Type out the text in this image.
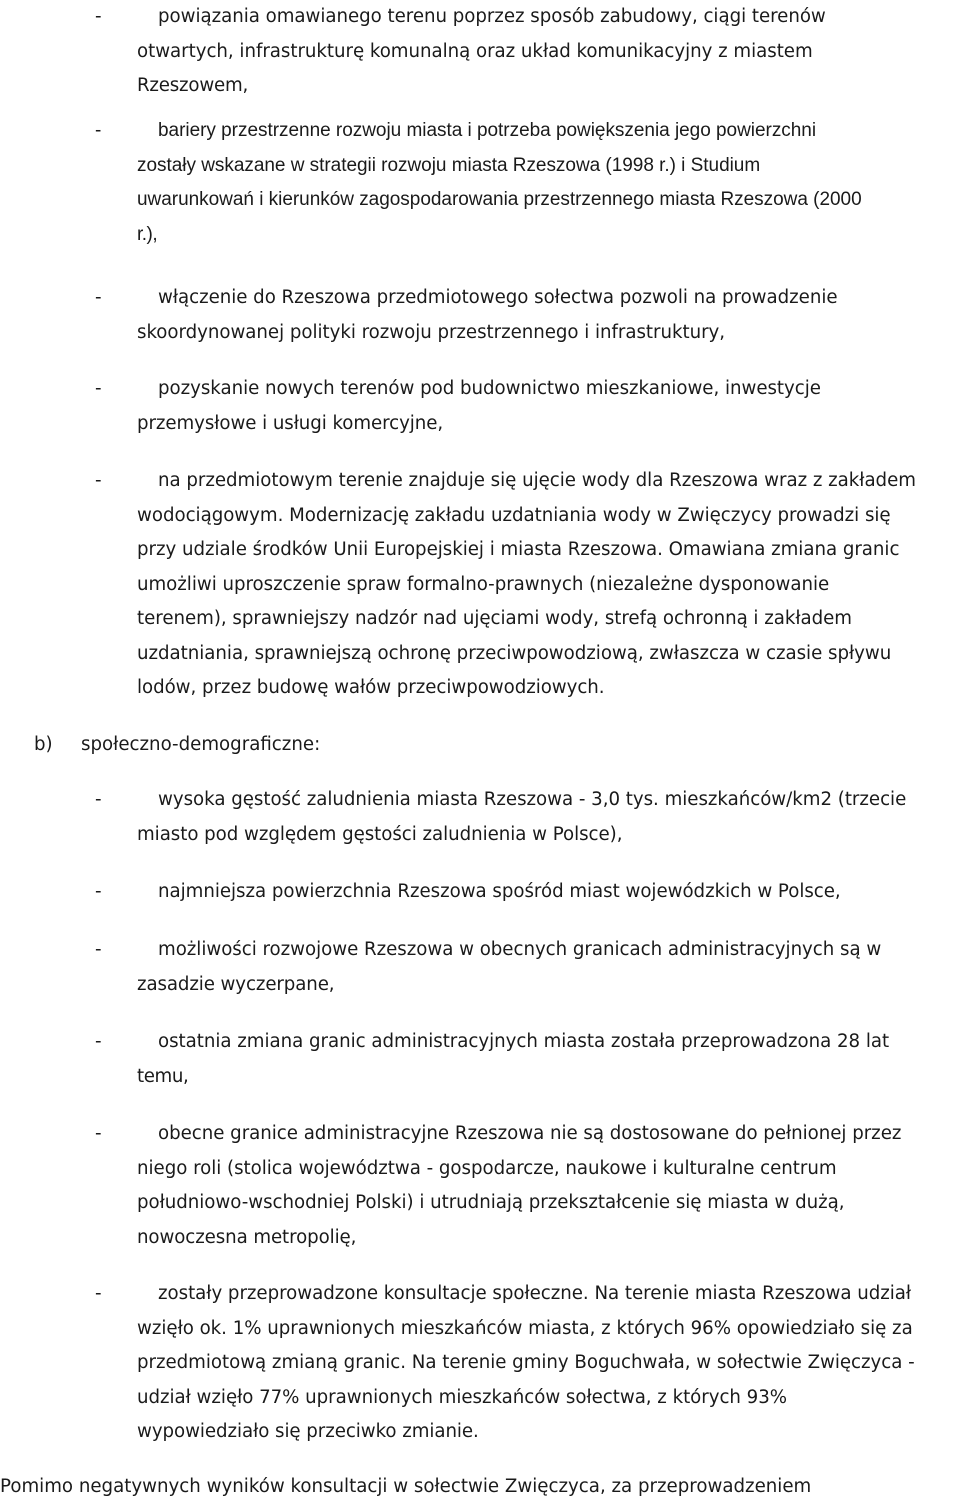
-	powiązania omawianego terenu poprzez sposób zabudowy, ciągi terenów
otwartych, infrastrukturę komunalną oraz układ komunikacyjny z miastem
Rzeszowem,
-	bariery przestrzenne rozwoju miasta i potrzeba powiększenia jego powierzchni
zostały wskazane w strategii rozwoju miasta Rzeszowa (1998 r.) i Studium
uwarunkowań i kierunków zagospodarowania przestrzennego miasta Rzeszowa (2000
r.),
-	włączenie do Rzeszowa przedmiotowego sołectwa pozwoli na prowadzenie
skoordynowanej polityki rozwoju przestrzennego i infrastruktury,
-	pozyskanie nowych terenów pod budownictwo mieszkaniowe, inwestycje
przemysłowe i usługi komercyjne,
-	na przedmiotowym terenie znajduje się ujęcie wody dla Rzeszowa wraz z zakładem
wodociągowym. Modernizację zakładu uzdatniania wody w Zwięczycy prowadzi się
przy udziale środków Unii Europejskiej i miasta Rzeszowa. Omawiana zmiana granic
umożliwi uproszczenie spraw formalno-prawnych (niezależne dysponowanie
terenem), sprawniejszy nadzór nad ujęciami wody, strefą ochronną i zakładem
uzdatniania, sprawniejszą ochronę przeciwpowodziową, zwłaszcza w czasie spływu
lodów, przez budowę wałów przeciwpowodziowych.
b) społeczno-demograficzne:
-	wysoka gęstość zaludnienia miasta Rzeszowa - 3,0 tys. mieszkańców/km2 (trzecie
miasto pod względem gęstości zaludnienia w Polsce),
-	najmniejsza powierzchnia Rzeszowa spośród miast wojewódzkich w Polsce,
-	możliwości rozwojowe Rzeszowa w obecnych granicach administracyjnych są w
zasadzie wyczerpane,
-	ostatnia zmiana granic administracyjnych miasta została przeprowadzona 28 lat
temu,
-	obecne granice administracyjne Rzeszowa nie są dostosowane do pełnionej przez
niego roli (stolica województwa - gospodarcze, naukowe i kulturalne centrum
południowo-wschodniej Polski) i utrudniają przekształcenie się miasta w dużą,
nowoczesna metropolię,
-	zostały przeprowadzone konsultacje społeczne. Na terenie miasta Rzeszowa udział
wzięło ok. 1% uprawnionych mieszkańców miasta, z których 96% opowiedziało się za
przedmiotową zmianą granic. Na terenie gminy Boguchwała, w sołectwie Zwięczyca -
udział wzięło 77% uprawnionych mieszkańców sołectwa, z których 93%
wypowiedziało się przeciwko zmianie.
Pomimo negatywnych wyników konsultacji w sołectwie Zwięczyca, za przeprowadzeniem
